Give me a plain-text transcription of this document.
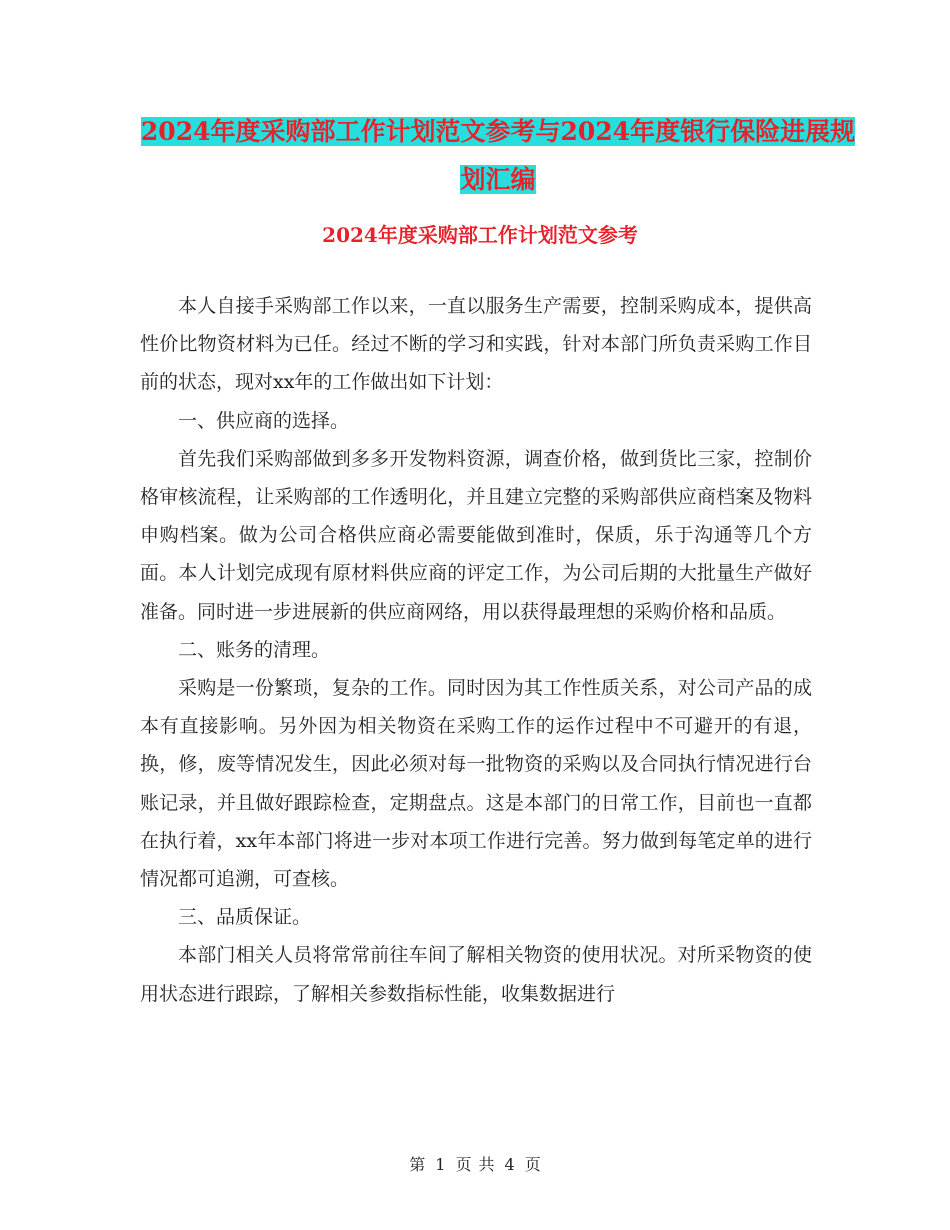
2024年度采购部工作计划范文参考与2024年度银行保险进展规划汇编
2024年度采购部工作计划范文参考

本人自接手采购部工作以来，一直以服务生产需要，控制采购成本，提供高性价比物资材料为已任。经过不断的学习和实践，针对本部门所负责采购工作目前的状态，现对xx年的工作做出如下计划：

一、供应商的选择。

首先我们采购部做到多多开发物料资源，调查价格，做到货比三家，控制价格审核流程，让采购部的工作透明化，并且建立完整的采购部供应商档案及物料申购档案。做为公司合格供应商必需要能做到准时，保质，乐于沟通等几个方面。本人计划完成现有原材料供应商的评定工作，为公司后期的大批量生产做好准备。同时进一步进展新的供应商网络，用以获得最理想的采购价格和品质。

二、账务的清理。

采购是一份繁琐，复杂的工作。同时因为其工作性质关系，对公司产品的成本有直接影响。另外因为相关物资在采购工作的运作过程中不可避开的有退，换，修，废等情况发生，因此必须对每一批物资的采购以及合同执行情况进行台账记录，并且做好跟踪检查，定期盘点。这是本部门的日常工作，目前也一直都在执行着，xx年本部门将进一步对本项工作进行完善。努力做到每笔定单的进行情况都可追溯，可查核。

三、品质保证。

本部门相关人员将常常前往车间了解相关物资的使用状况。对所采物资的使用状态进行跟踪，了解相关参数指标性能，收集数据进行

第 1 页 共 4 页
